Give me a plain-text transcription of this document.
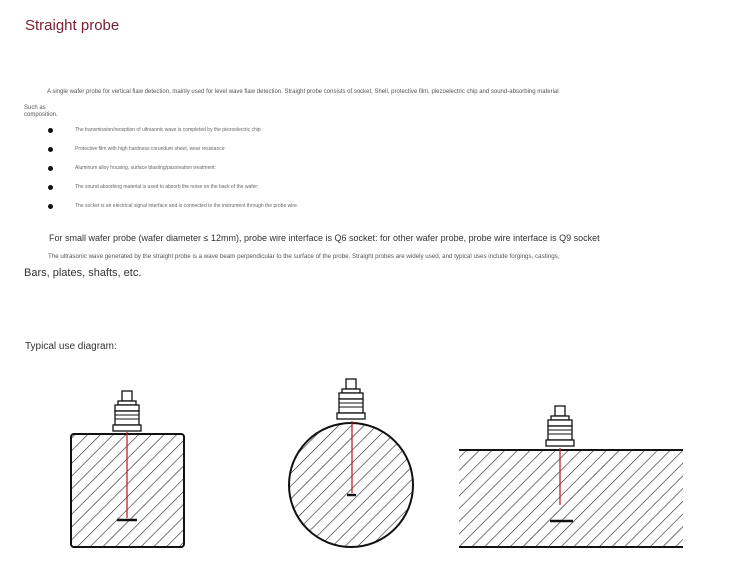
Straight probe
A single wafer probe for vertical flaw detection, mainly used for level wave flaw detection. Straight probe consists of socket, Shell, protective film, piezoelectric chip and sound-absorbing material
Such as composition.
The transmission/reception of ultrasonic wave is completed by the piezoelectric chip
Protective film with high hardness corundum sheet, wear resistance:
Aluminum alloy housing, surface blasting/passivation treatment:
The sound absorbing material is used to absorb the noise on the back of the wafer:
The socket is an electrical signal interface and is connected to the instrument through the probe wire.
For small wafer probe (wafer diameter ≤ 12mm), probe wire interface is Q6 socket: for other wafer probe, probe wire interface is Q9 socket
The ultrasonic wave generated by the straight probe is a wave beam perpendicular to the surface of the probe. Straight probes are widely used, and typical uses include forgings, castings,
Bars, plates, shafts, etc.
Typical use diagram:
